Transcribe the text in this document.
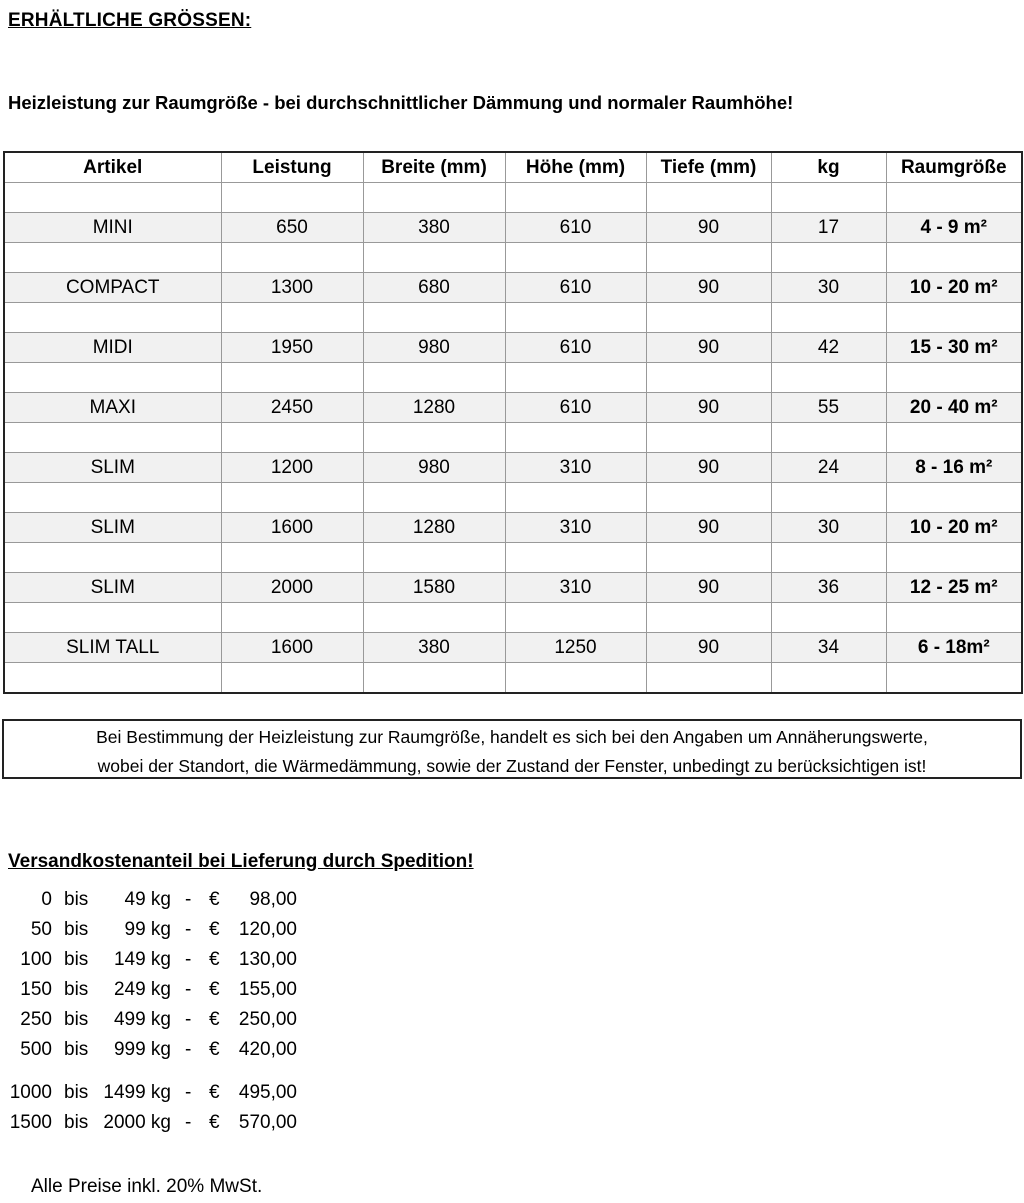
ERHÄLTLICHE GRÖSSEN:
Heizleistung zur Raumgröße - bei durchschnittlicher Dämmung und normaler Raumhöhe!
Artikel	Leistung	Breite (mm)	Höhe (mm)	Tiefe (mm)	kg	Raumgröße

MINI	650	380	610	90	17	4 - 9 m²

COMPACT	1300	680	610	90	30	10 - 20 m²

MIDI	1950	980	610	90	42	15 - 30 m²

MAXI	2450	1280	610	90	55	20 - 40 m²

SLIM	1200	980	310	90	24	8 - 16 m²

SLIM	1600	1280	310	90	30	10 - 20 m²

SLIM	2000	1580	310	90	36	12 - 25 m²

SLIM TALL	1600	380	1250	90	34	6 - 18m²

Bei Bestimmung der Heizleistung zur Raumgröße, handelt es sich bei den Angaben um Annäherungswerte,
wobei der Standort, die Wärmedämmung, sowie der Zustand der Fenster, unbedingt zu berücksichtigen ist!
Versandkostenanteil bei Lieferung durch Spedition!
0 bis 49 kg - € 98,00
50 bis 99 kg - € 120,00
100 bis 149 kg - € 130,00
150 bis 249 kg - € 155,00
250 bis 499 kg - € 250,00
500 bis 999 kg - € 420,00
1000 bis 1499 kg - € 495,00
1500 bis 2000 kg - € 570,00
Alle Preise inkl. 20% MwSt.
